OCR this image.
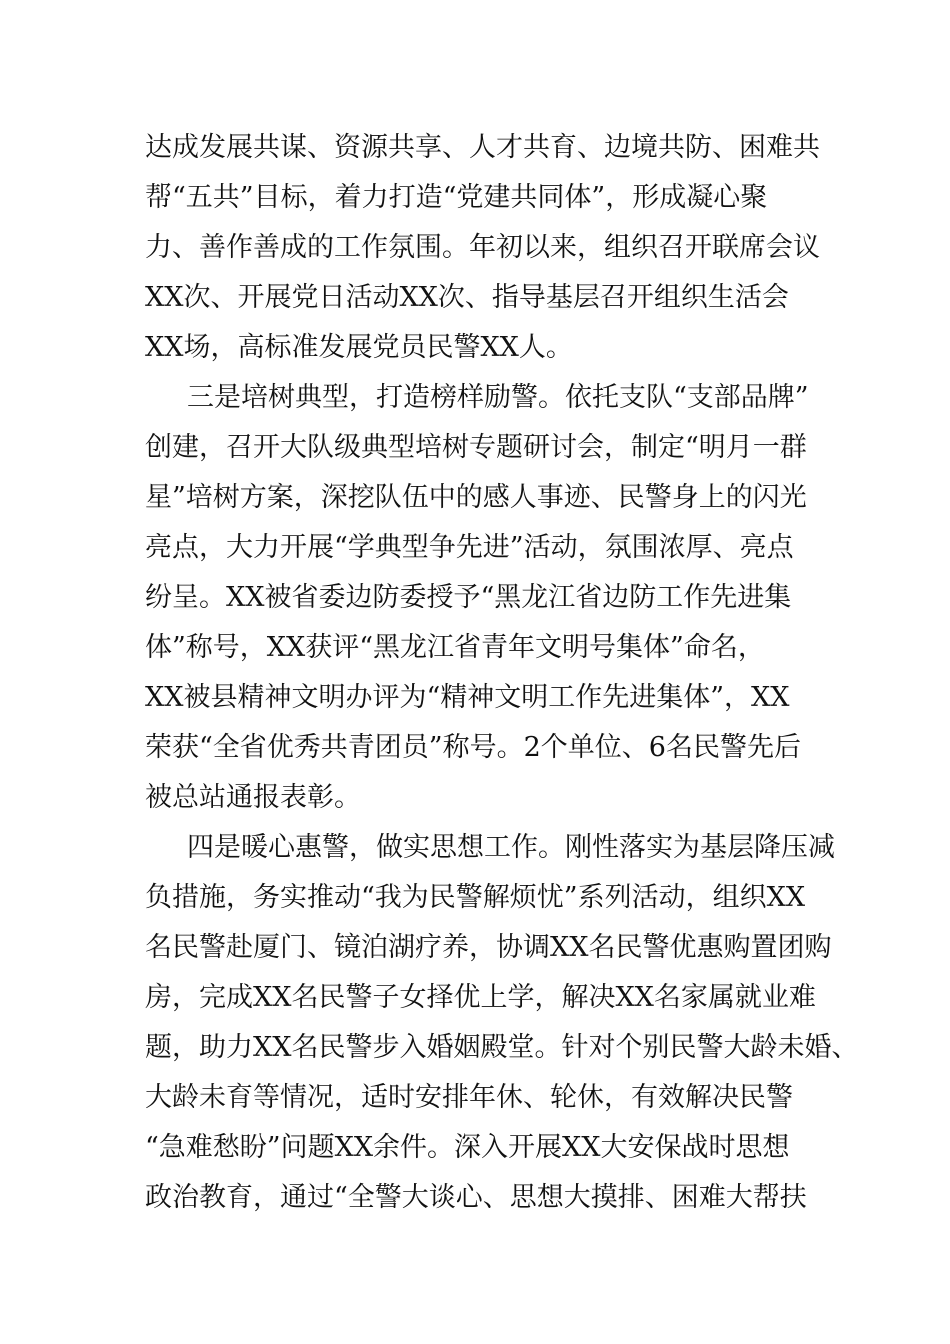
达成发展共谋、资源共享、人才共育、边境共防、困难共
帮“五共”目标，着力打造“党建共同体”，形成凝心聚
力、善作善成的工作氛围。年初以来，组织召开联席会议
XX次、开展党日活动XX次、指导基层召开组织生活会
XX场，高标准发展党员民警XX人。
三是培树典型，打造榜样励警。依托支队“支部品牌”
创建，召开大队级典型培树专题研讨会，制定“明月一群
星”培树方案，深挖队伍中的感人事迹、民警身上的闪光
亮点，大力开展“学典型争先进”活动，氛围浓厚、亮点
纷呈。XX被省委边防委授予“黑龙江省边防工作先进集
体”称号，XX获评“黑龙江省青年文明号集体”命名，
XX被县精神文明办评为“精神文明工作先进集体”，XX
荣获“全省优秀共青团员”称号。2个单位、6名民警先后
被总站通报表彰。
四是暖心惠警，做实思想工作。刚性落实为基层降压减
负措施，务实推动“我为民警解烦忧”系列活动，组织XX
名民警赴厦门、镜泊湖疗养，协调XX名民警优惠购置团购
房，完成XX名民警子女择优上学，解决XX名家属就业难
题，助力XX名民警步入婚姻殿堂。针对个别民警大龄未婚、
大龄未育等情况，适时安排年休、轮休，有效解决民警
“急难愁盼”问题XX余件。深入开展XX大安保战时思想
政治教育，通过“全警大谈心、思想大摸排、困难大帮扶
